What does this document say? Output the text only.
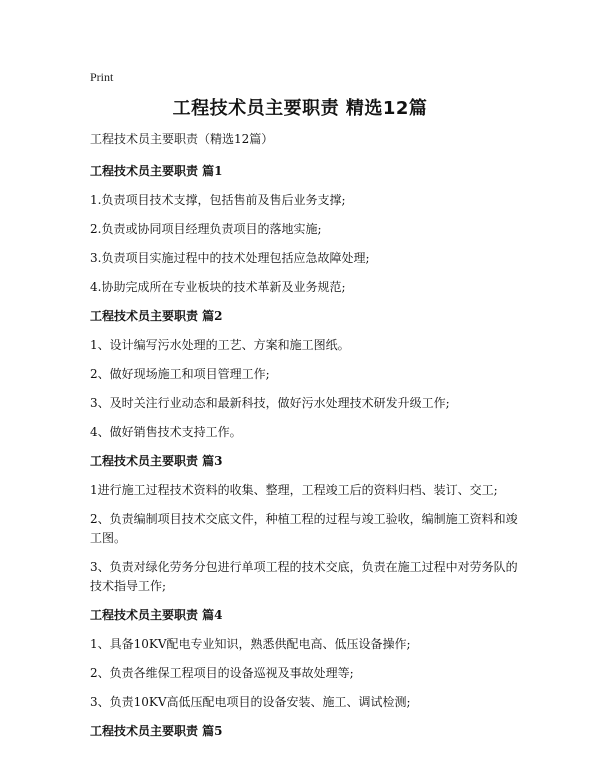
Print
工程技术员主要职责 精选12篇

工程技术员主要职责（精选12篇）

工程技术员主要职责 篇1

1.负责项目技术支撑，包括售前及售后业务支撑;

2.负责或协同项目经理负责项目的落地实施;

3.负责项目实施过程中的技术处理包括应急故障处理;

4.协助完成所在专业板块的技术革新及业务规范;

工程技术员主要职责 篇2

1、设计编写污水处理的工艺、方案和施工图纸。

2、做好现场施工和项目管理工作;

3、及时关注行业动态和最新科技，做好污水处理技术研发升级工作;

4、做好销售技术支持工作。

工程技术员主要职责 篇3

1进行施工过程技术资料的收集、整理，工程竣工后的资料归档、装订、交工;

2、负责编制项目技术交底文件，种植工程的过程与竣工验收，编制施工资料和竣工图。

3、负责对绿化劳务分包进行单项工程的技术交底，负责在施工过程中对劳务队的技术指导工作;

工程技术员主要职责 篇4

1、具备10KV配电专业知识，熟悉供配电高、低压设备操作;

2、负责各维保工程项目的设备巡视及事故处理等;

3、负责10KV高低压配电项目的设备安装、施工、调试检测;

工程技术员主要职责 篇5
